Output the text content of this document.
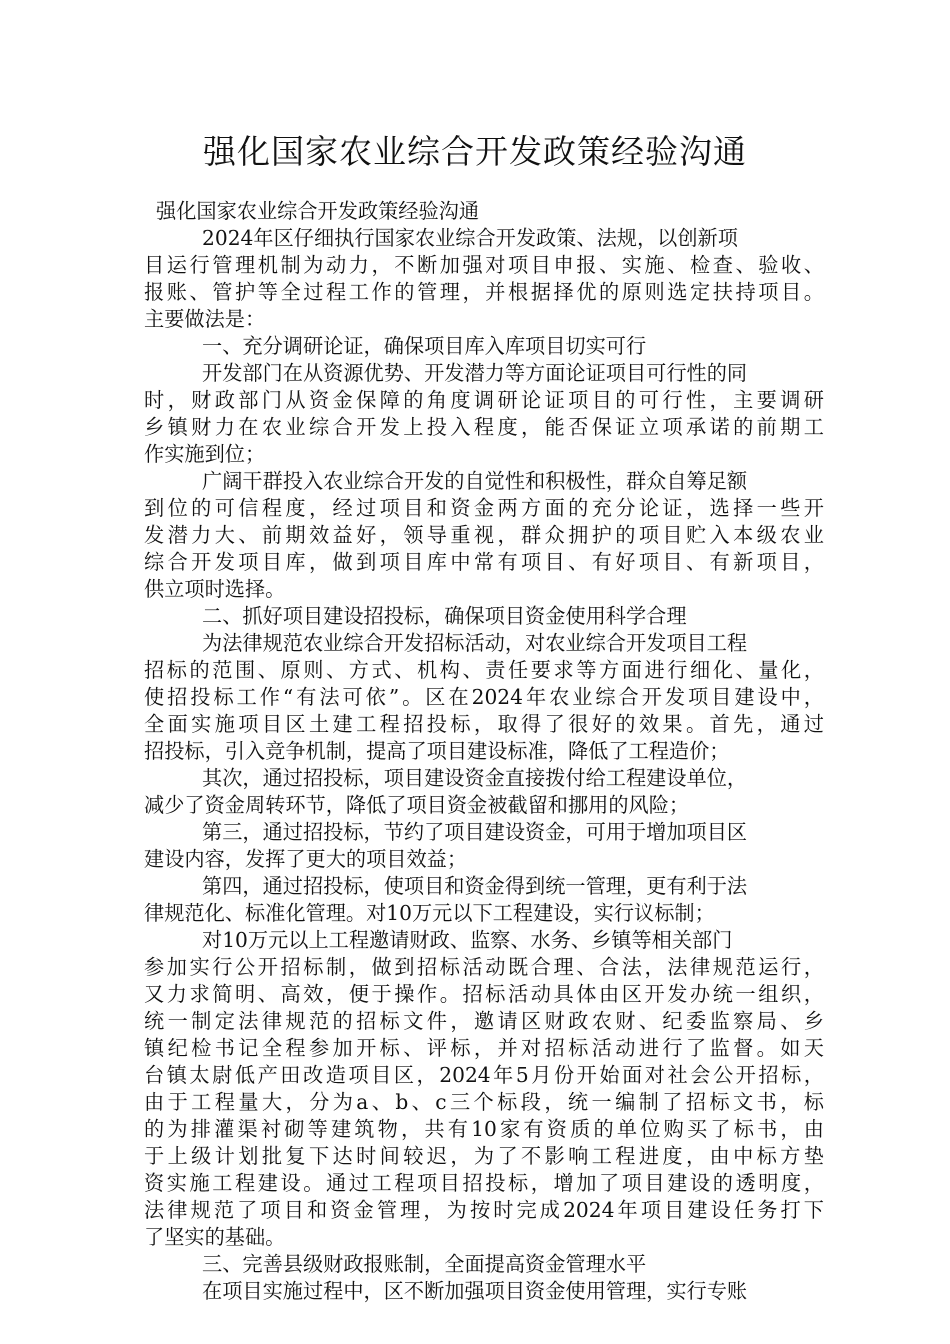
强化国家农业综合开发政策经验沟通
强化国家农业综合开发政策经验沟通
2024年区仔细执行国家农业综合开发政策、法规，以创新项
目运行管理机制为动力，不断加强对项目申报、实施、检查、验收、
报账、管护等全过程工作的管理，并根据择优的原则选定扶持项目。
主要做法是：
一、充分调研论证，确保项目库入库项目切实可行
开发部门在从资源优势、开发潜力等方面论证项目可行性的同
时，财政部门从资金保障的角度调研论证项目的可行性，主要调研
乡镇财力在农业综合开发上投入程度，能否保证立项承诺的前期工
作实施到位；
广阔干群投入农业综合开发的自觉性和积极性，群众自筹足额
到位的可信程度，经过项目和资金两方面的充分论证，选择一些开
发潜力大、前期效益好，领导重视，群众拥护的项目贮入本级农业
综合开发项目库，做到项目库中常有项目、有好项目、有新项目，
供立项时选择。
二、抓好项目建设招投标，确保项目资金使用科学合理
为法律规范农业综合开发招标活动，对农业综合开发项目工程
招标的范围、原则、方式、机构、责任要求等方面进行细化、量化，
使招投标工作“有法可依”。区在2024年农业综合开发项目建设中，
全面实施项目区土建工程招投标，取得了很好的效果。首先，通过
招投标，引入竞争机制，提高了项目建设标准，降低了工程造价；
其次，通过招投标，项目建设资金直接拨付给工程建设单位，
减少了资金周转环节，降低了项目资金被截留和挪用的风险；
第三，通过招投标，节约了项目建设资金，可用于增加项目区
建设内容，发挥了更大的项目效益；
第四，通过招投标，使项目和资金得到统一管理，更有利于法
律规范化、标准化管理。对10万元以下工程建设，实行议标制；
对10万元以上工程邀请财政、监察、水务、乡镇等相关部门
参加实行公开招标制，做到招标活动既合理、合法，法律规范运行，
又力求简明、高效，便于操作。招标活动具体由区开发办统一组织，
统一制定法律规范的招标文件，邀请区财政农财、纪委监察局、乡
镇纪检书记全程参加开标、评标，并对招标活动进行了监督。如天
台镇太尉低产田改造项目区，2024年5月份开始面对社会公开招标，
由于工程量大，分为a、b、c三个标段，统一编制了招标文书，标
的为排灌渠衬砌等建筑物，共有10家有资质的单位购买了标书，由
于上级计划批复下达时间较迟，为了不影响工程进度，由中标方垫
资实施工程建设。通过工程项目招投标，增加了项目建设的透明度，
法律规范了项目和资金管理，为按时完成2024年项目建设任务打下
了坚实的基础。
三、完善县级财政报账制，全面提高资金管理水平
在项目实施过程中，区不断加强项目资金使用管理，实行专账
